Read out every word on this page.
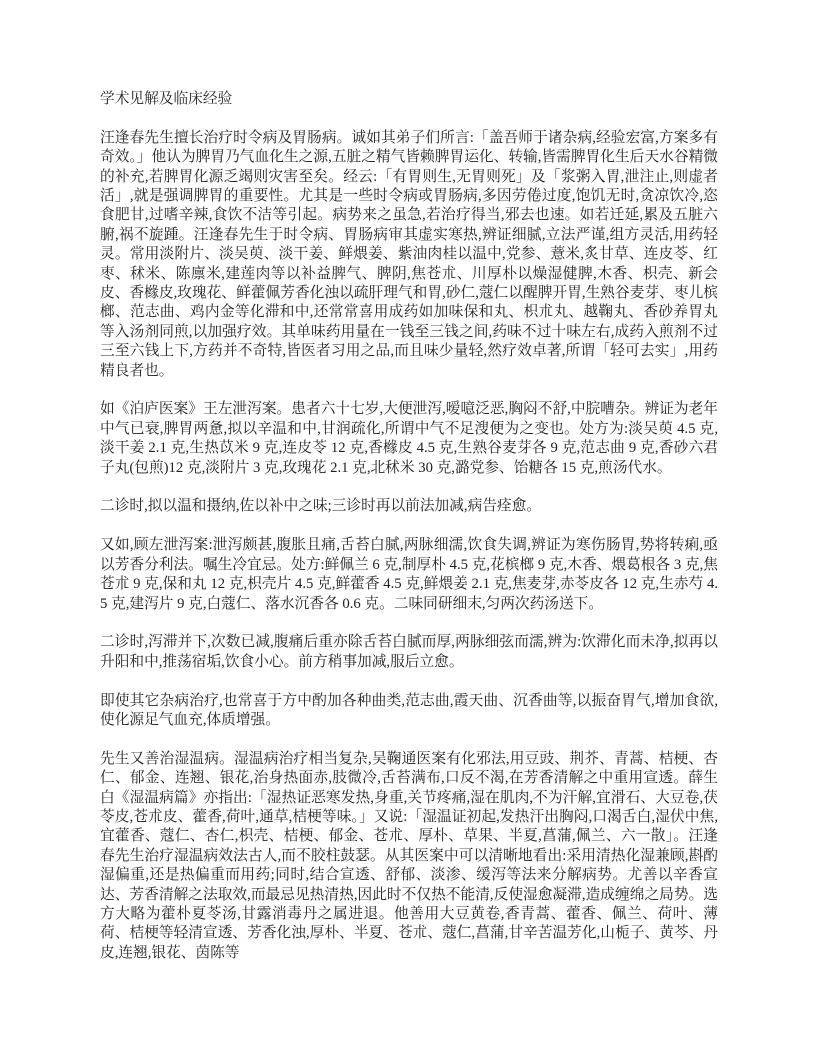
学术见解及临床经验

汪逢春先生擅长治疗时令病及胃肠病。诚如其弟子们所言:「盖吾师于诸杂病,经验宏富,方案多有奇效。」他认为脾胃乃气血化生之源,五脏之精气皆赖脾胃运化、转输,皆需脾胃化生后天水谷精微的补充,若脾胃化源乏竭则灾害至矣。经云:「有胃则生,无胃则死」及「浆粥入胃,泄注止,则虚者活」,就是强调脾胃的重要性。尤其是一些时令病或胃肠病,多因劳倦过度,饱饥无时,贪凉饮冷,恣食肥甘,过嗜辛辣,食饮不洁等引起。病势来之虽急,若治疗得当,邪去也速。如若迁延,累及五脏六腑,祸不旋踵。汪逢春先生于时令病、胃肠病审其虚实寒热,辨证细腻,立法严谨,组方灵活,用药轻灵。常用淡附片、淡吴萸、淡干姜、鲜煨姜、紫油肉桂以温中,党参、薏米,炙甘草、连皮苓、红枣、秫米、陈廪米,建莲肉等以补益脾气、脾阴,焦苍朮、川厚朴以燥湿健脾,木香、枳壳、新会皮、香橼皮,玫瑰花、鲜藿佩芳香化浊以疏肝理气和胃,砂仁,蔻仁以醒脾开胃,生熟谷麦芽、枣儿槟榔、范志曲、鸡内金等化滞和中,还常常喜用成药如加味保和丸、枳朮丸、越鞠丸、香砂养胃丸等入汤剂同煎,以加强疗效。其单味药用量在一钱至三钱之间,药味不过十味左右,成药入煎剂不过三至六钱上下,方药并不奇特,皆医者习用之品,而且味少量轻,然疗效卓著,所谓「轻可去实」,用药精良者也。

如《泊庐医案》王左泄泻案。患者六十七岁,大便泄泻,嗳噫泛恶,胸闷不舒,中脘嘈杂。辨证为老年中气已衰,脾胃两惫,拟以辛温和中,甘润疏化,所谓中气不足溲便为之变也。处方为:淡吴萸 4.5 克,淡干姜 2.1 克,生热苡米 9 克,连皮苓 12 克,香橼皮 4.5 克,生熟谷麦芽各 9 克,范志曲 9 克,香砂六君子丸(包煎)12 克,淡附片 3 克,玫瑰花 2.1 克,北秫米 30 克,潞党参、饴糖各 15 克,煎汤代水。

二诊时,拟以温和摄纳,佐以补中之味;三诊时再以前法加减,病告痊愈。

又如,顾左泄泻案:泄泻颇甚,腹胀且痛,舌苔白腻,两脉细濡,饮食失调,辨证为寒伤肠胃,势将转痢,亟以芳香分利法。嘱生冷宜忌。处方:鲜佩兰 6 克,制厚朴 4.5 克,花槟榔 9 克,木香、煨葛根各 3 克,焦苍朮 9 克,保和丸 12 克,枳壳片 4.5 克,鲜藿香 4.5 克,鲜煨姜 2.1 克,焦麦芽,赤苓皮各 12 克,生赤芍 4.5 克,建泻片 9 克,白蔻仁、落水沉香各 0.6 克。二味同研细末,匀两次药汤送下。

二诊时,泻滞并下,次数已减,腹痛后重亦除舌苔白腻而厚,两脉细弦而濡,辨为:饮滞化而未净,拟再以升阳和中,推荡宿垢,饮食小心。前方稍事加减,服后立愈。

即使其它杂病治疗,也常喜于方中酌加各种曲类,范志曲,霞天曲、沉香曲等,以振奋胃气,增加食欲,使化源足气血充,体质增强。

先生又善治湿温病。湿温病治疗相当复杂,吴鞠通医案有化邪法,用豆豉、荆芥、青蒿、桔梗、杏仁、郁金、连翘、银花,治身热面赤,肢微冷,舌苔满布,口反不渴,在芳香清解之中重用宣透。薛生白《湿温病篇》亦指出:「湿热证恶寒发热,身重,关节疼痛,湿在肌肉,不为汗解,宜滑石、大豆卷,茯苓皮,苍朮皮、藿香,荷叶,通草,桔梗等味。」又说:「湿温证初起,发热汗出胸闷,口渴舌白,湿伏中焦,宜藿香、蔻仁、杏仁,枳壳、桔梗、郁金、苍朮、厚朴、草果、半夏,菖蒲,佩兰、六一散」。汪逢春先生治疗湿温病效法古人,而不胶柱鼓瑟。从其医案中可以清晰地看出:采用清热化湿兼顾,斟酌湿偏重,还是热偏重而用药;同时,结合宣透、舒郁、淡渗、缓泻等法来分解病势。尤善以辛香宣达、芳香清解之法取效,而最忌见热清热,因此时不仅热不能清,反使湿愈凝滞,造成缠绵之局势。选方大略为藿朴夏苓汤,甘露消毒丹之属进退。他善用大豆黄卷,香青蒿、藿香、佩兰、荷叶、薄荷、桔梗等轻清宣透、芳香化浊,厚朴、半夏、苍朮、蔻仁,菖蒲,甘辛苦温芳化,山栀子、黄芩、丹皮,连翘,银花、茵陈等
